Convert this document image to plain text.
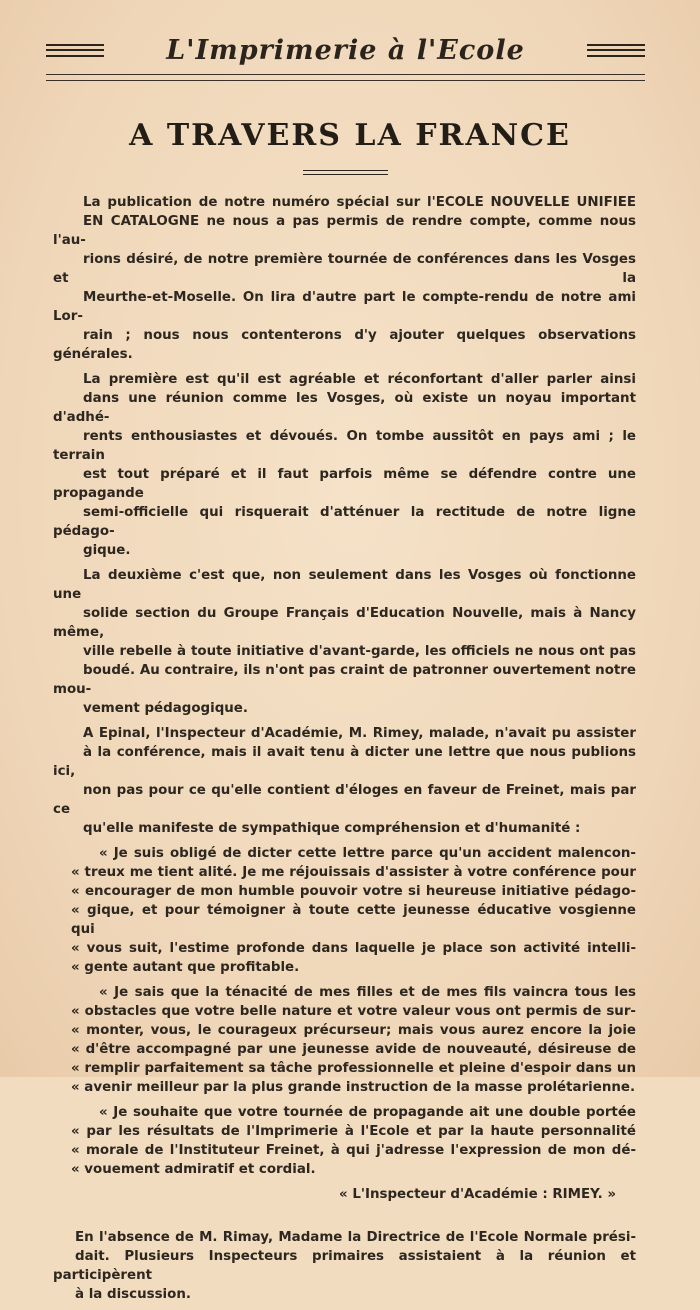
L'Imprimerie à l'Ecole
A TRAVERS LA FRANCE

La publication de notre numéro spécial sur l'ECOLE NOUVELLE UNIFIEE
EN CATALOGNE ne nous a pas permis de rendre compte, comme nous l'au-
rions désiré, de notre première tournée de conférences dans les Vosges et la
Meurthe-et-Moselle. On lira d'autre part le compte-rendu de notre ami Lor-
rain ; nous nous contenterons d'y ajouter quelques observations générales.

La première est qu'il est agréable et réconfortant d'aller parler ainsi
dans une réunion comme les Vosges, où existe un noyau important d'adhé-
rents enthousiastes et dévoués. On tombe aussitôt en pays ami ; le terrain
est tout préparé et il faut parfois même se défendre contre une propagande
semi-officielle qui risquerait d'atténuer la rectitude de notre ligne pédago-
gique.

La deuxième c'est que, non seulement dans les Vosges où fonctionne une
solide section du Groupe Français d'Education Nouvelle, mais à Nancy même,
ville rebelle à toute initiative d'avant-garde, les officiels ne nous ont pas
boudé. Au contraire, ils n'ont pas craint de patronner ouvertement notre mou-
vement pédagogique.

A Epinal, l'Inspecteur d'Académie, M. Rimey, malade, n'avait pu assister
à la conférence, mais il avait tenu à dicter une lettre que nous publions ici,
non pas pour ce qu'elle contient d'éloges en faveur de Freinet, mais par ce
qu'elle manifeste de sympathique compréhension et d'humanité :

« Je suis obligé de dicter cette lettre parce qu'un accident malencon-
« treux me tient alité. Je me réjouissais d'assister à votre conférence pour
« encourager de mon humble pouvoir votre si heureuse initiative pédago-
« gique, et pour témoigner à toute cette jeunesse éducative vosgienne qui
« vous suit, l'estime profonde dans laquelle je place son activité intelli-
« gente autant que profitable.

« Je sais que la ténacité de mes filles et de mes fils vaincra tous les
« obstacles que votre belle nature et votre valeur vous ont permis de sur-
« monter, vous, le courageux précurseur; mais vous aurez encore la joie
« d'être accompagné par une jeunesse avide de nouveauté, désireuse de
« remplir parfaitement sa tâche professionnelle et pleine d'espoir dans un
« avenir meilleur par la plus grande instruction de la masse prolétarienne.

« Je souhaite que votre tournée de propagande ait une double portée
« par les résultats de l'Imprimerie à l'Ecole et par la haute personnalité
« morale de l'Instituteur Freinet, à qui j'adresse l'expression de mon dé-
« vouement admiratif et cordial.

« L'Inspecteur d'Académie : RIMEY. »

En l'absence de M. Rimay, Madame la Directrice de l'Ecole Normale prési-
dait. Plusieurs Inspecteurs primaires assistaient à la réunion et participèrent
à la discussion.
